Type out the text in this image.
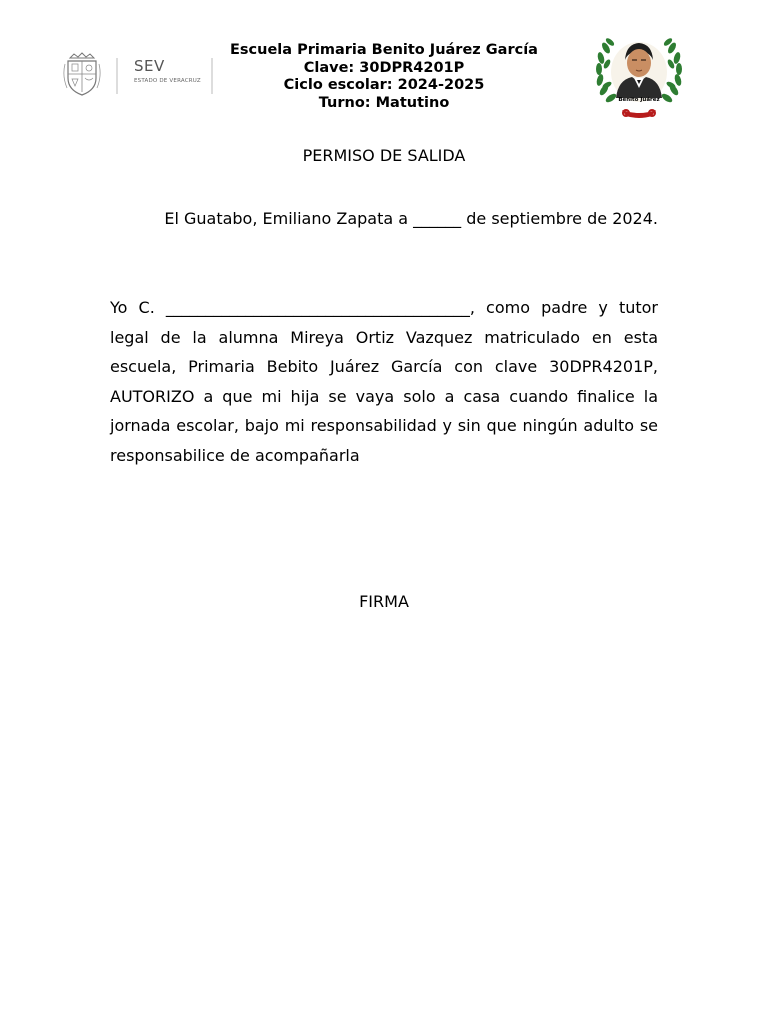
SEV
ESTADO DE VERACRUZ
Escuela Primaria Benito Juárez García
Clave: 30DPR4201P
Ciclo escolar: 2024-2025
Turno: Matutino	Benito Juárez
PERMISO DE SALIDA
El Guatabo, Emiliano Zapata a ______ de septiembre de 2024.
Yo C. ______________________________________, como padre y tutor legal de la alumna Mireya Ortiz Vazquez matriculado en esta escuela, Primaria Bebito Juárez García con clave 30DPR4201P, AUTORIZO a que mi hija se vaya solo a casa cuando finalice la jornada escolar, bajo mi responsabilidad y sin que ningún adulto se responsabilice de acompañarla
FIRMA
